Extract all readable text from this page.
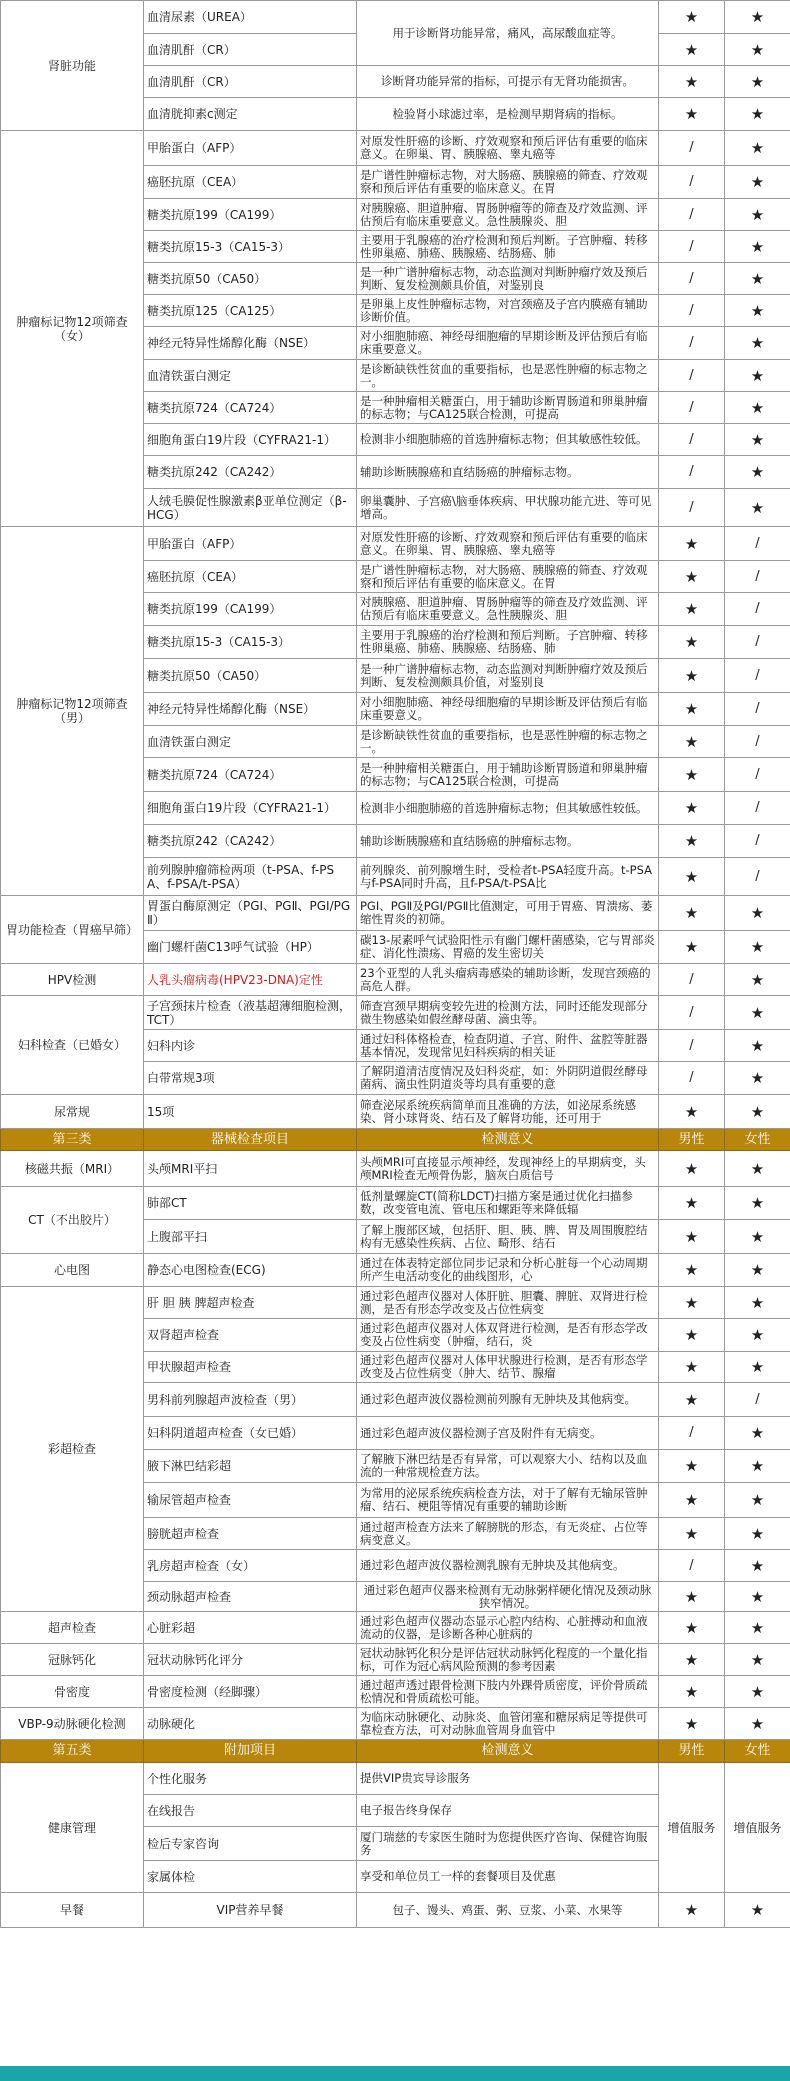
肾脏功能	血清尿素（UREA）	用于诊断肾功能异常，痛风，高尿酸血症等。	★	★
	血清肌酐（CR）		★	★
	血清肌酐（CR）	诊断肾功能异常的指标，可提示有无肾功能损害。	★	★
	血清胱抑素c测定	检验肾小球滤过率，是检测早期肾病的指标。	★	★
肿瘤标记物12项筛查（女）	甲胎蛋白（AFP）	对原发性肝癌的诊断、疗效观察和预后评估有重要的临床意义。在卵巢、胃、胰腺癌、睾丸癌等	/	★
	癌胚抗原（CEA）	是广谱性肿瘤标志物，对大肠癌、胰腺癌的筛查、疗效观察和预后评估有重要的临床意义。在胃	/	★
	糖类抗原199（CA199）	对胰腺癌、胆道肿瘤、胃肠肿瘤等的筛查及疗效监测、评估预后有临床重要意义。急性胰腺炎、胆	/	★
	糖类抗原15-3（CA15-3）	主要用于乳腺癌的治疗检测和预后判断。子宫肿瘤、转移性卵巢癌、肺癌、胰腺癌、结肠癌、肺	/	★
	糖类抗原50（CA50）	是一种广谱肿瘤标志物，动态监测对判断肿瘤疗效及预后判断、复发检测颇具价值，对鉴别良	/	★
	糖类抗原125（CA125）	是卵巢上皮性肿瘤标志物，对宫颈癌及子宫内膜癌有辅助诊断价值。	/	★
	神经元特异性烯醇化酶（NSE）	对小细胞肺癌、神经母细胞瘤的早期诊断及评估预后有临床重要意义。	/	★
	血清铁蛋白测定	是诊断缺铁性贫血的重要指标，也是恶性肿瘤的标志物之一。	/	★
	糖类抗原724（CA724）	是一种肿瘤相关糖蛋白，用于辅助诊断胃肠道和卵巢肿瘤的标志物；与CA125联合检测，可提高	/	★
	细胞角蛋白19片段（CYFRA21-1）	检测非小细胞肺癌的首选肿瘤标志物；但其敏感性较低。	/	★
	糖类抗原242（CA242）	辅助诊断胰腺癌和直结肠癌的肿瘤标志物。	/	★
	人绒毛膜促性腺激素β亚单位测定（β-HCG）	卵巢囊肿、子宫癌\脑垂体疾病、甲状腺功能亢进、等可见增高。	/	★
肿瘤标记物12项筛查（男）	甲胎蛋白（AFP）	对原发性肝癌的诊断、疗效观察和预后评估有重要的临床意义。在卵巢、胃、胰腺癌、睾丸癌等	★	/
	癌胚抗原（CEA）	是广谱性肿瘤标志物，对大肠癌、胰腺癌的筛查、疗效观察和预后评估有重要的临床意义。在胃	★	/
	糖类抗原199（CA199）	对胰腺癌、胆道肿瘤、胃肠肿瘤等的筛查及疗效监测、评估预后有临床重要意义。急性胰腺炎、胆	★	/
	糖类抗原15-3（CA15-3）	主要用于乳腺癌的治疗检测和预后判断。子宫肿瘤、转移性卵巢癌、肺癌、胰腺癌、结肠癌、肺	★	/
	糖类抗原50（CA50）	是一种广谱肿瘤标志物，动态监测对判断肿瘤疗效及预后判断、复发检测颇具价值，对鉴别良	★	/
	神经元特异性烯醇化酶（NSE）	对小细胞肺癌、神经母细胞瘤的早期诊断及评估预后有临床重要意义。	★	/
	血清铁蛋白测定	是诊断缺铁性贫血的重要指标，也是恶性肿瘤的标志物之一。	★	/
	糖类抗原724（CA724）	是一种肿瘤相关糖蛋白，用于辅助诊断胃肠道和卵巢肿瘤的标志物；与CA125联合检测，可提高	★	/
	细胞角蛋白19片段（CYFRA21-1）	检测非小细胞肺癌的首选肿瘤标志物；但其敏感性较低。	★	/
	糖类抗原242（CA242）	辅助诊断胰腺癌和直结肠癌的肿瘤标志物。	★	/
	前列腺肿瘤筛检两项（t-PSA、f-PSA、f-PSA/t-PSA）	前列腺炎、前列腺增生时，受检者t-PSA轻度升高。t-PSA与f-PSA同时升高，且f-PSA/t-PSA比	★	/
胃功能检查（胃癌早筛）	胃蛋白酶原测定（PGⅠ、PGⅡ、PGⅠ/PGⅡ）	PGⅠ、PGⅡ及PGⅠ/PGⅡ比值测定，可用于胃癌、胃溃疡、萎缩性胃炎的初筛。	★	★
	幽门螺杆菌C13呼气试验（HP）	碳13-尿素呼气试验阳性示有幽门螺杆菌感染，它与胃部炎症、消化性溃疡、胃癌的发生密切关	★	★
HPV检测	人乳头瘤病毒(HPV23-DNA)定性	23个亚型的人乳头瘤病毒感染的辅助诊断，发现宫颈癌的高危人群。	/	★
妇科检查（已婚女）	子宫颈抹片检查（液基超薄细胞检测，TCT）	筛查宫颈早期病变较先进的检测方法，同时还能发现部分微生物感染如假丝酵母菌、滴虫等。	/	★
	妇科内诊	通过妇科体格检查，检查阴道、子宫、附件、盆腔等脏器基本情况，发现常见妇科疾病的相关证	/	★
	白带常规3项	了解阴道清洁度情况及妇科炎症，如：外阴阴道假丝酵母菌病、滴虫性阴道炎等均具有重要的意	/	★
尿常规	15项	筛查泌尿系统疾病简单而且准确的方法，如泌尿系统感染、肾小球肾炎、结石及了解肾功能，还可用于	★	★
第三类	器械检查项目	检测意义	男性	女性
核磁共振（MRI）	头颅MRI平扫	头颅MRI可直接显示颅神经，发现神经上的早期病变，头颅MRI检查无颅骨伪影，脑灰白质信号	★	★
CT（不出胶片）	肺部CT	低剂量螺旋CT(简称LDCT)扫描方案是通过优化扫描参数，改变管电流、管电压和螺距等来降低辐	★	★
	上腹部平扫	了解上腹部区域，包括肝、胆、胰、脾、胃及周围腹腔结构有无感染性疾病、占位、畸形、结石	★	★
心电图	静态心电图检查(ECG)	通过在体表特定部位同步记录和分析心脏每一个心动周期所产生电活动变化的曲线图形，心	★	★
彩超检查	肝 胆 胰 脾超声检查	通过彩色超声仪器对人体肝脏、胆囊、脾脏、双肾进行检测，是否有形态学改变及占位性病变	★	★
	双肾超声检查	通过彩色超声仪器对人体双肾进行检测，是否有形态学改变及占位性病变（肿瘤，结石，炎	★	★
	甲状腺超声检查	通过彩色超声仪器对人体甲状腺进行检测，是否有形态学改变及占位性病变（肿大、结节、腺瘤	★	★
	男科前列腺超声波检查（男）	通过彩色超声波仪器检测前列腺有无肿块及其他病变。	★	/
	妇科阴道超声检查（女已婚）	通过彩色超声波仪器检测子宫及附件有无病变。	/	★
	腋下淋巴结彩超	了解腋下淋巴结是否有异常，可以观察大小、结构以及血流的一种常规检查方法。	★	★
	输尿管超声检查	为常用的泌尿系统疾病检查方法，对于了解有无输尿管肿瘤、结石、梗阻等情况有重要的辅助诊断	★	★
	膀胱超声检查	通过超声检查方法来了解膀胱的形态，有无炎症、占位等病变意义。	★	★
	乳房超声检查（女）	通过彩色超声波仪器检测乳腺有无肿块及其他病变。	/	★
	颈动脉超声检查	通过彩色超声仪器来检测有无动脉粥样硬化情况及颈动脉狭窄情况。	★	★
超声检查	心脏彩超	通过彩色超声仪器动态显示心腔内结构、心脏搏动和血液流动的仪器，是诊断各种心脏病的	★	★
冠脉钙化	冠状动脉钙化评分	冠状动脉钙化积分是评估冠状动脉钙化程度的一个量化指标，可作为冠心病风险预测的参考因素	★	★
骨密度	骨密度检测（经脚骤）	通过超声透过跟骨检测下肢内外踝骨质密度，评价骨质疏松情况和骨质疏松可能。	★	★
VBP-9动脉硬化检测	动脉硬化	为临床动脉硬化、动脉炎、血管闭塞和糖尿病足等提供可靠检查方法，可对动脉血管周身血管中	★	★
第五类	附加项目	检测意义	男性	女性
健康管理	个性化服务	提供VIP贵宾导诊服务	增值服务	增值服务
	在线报告	电子报告终身保存		
	检后专家咨询	厦门瑞慈的专家医生随时为您提供医疗咨询、保健咨询服务		
	家属体检	享受和单位员工一样的套餐项目及优惠		
早餐	VIP营养早餐	包子、馒头、鸡蛋、粥、豆浆、小菜、水果等	★	★
